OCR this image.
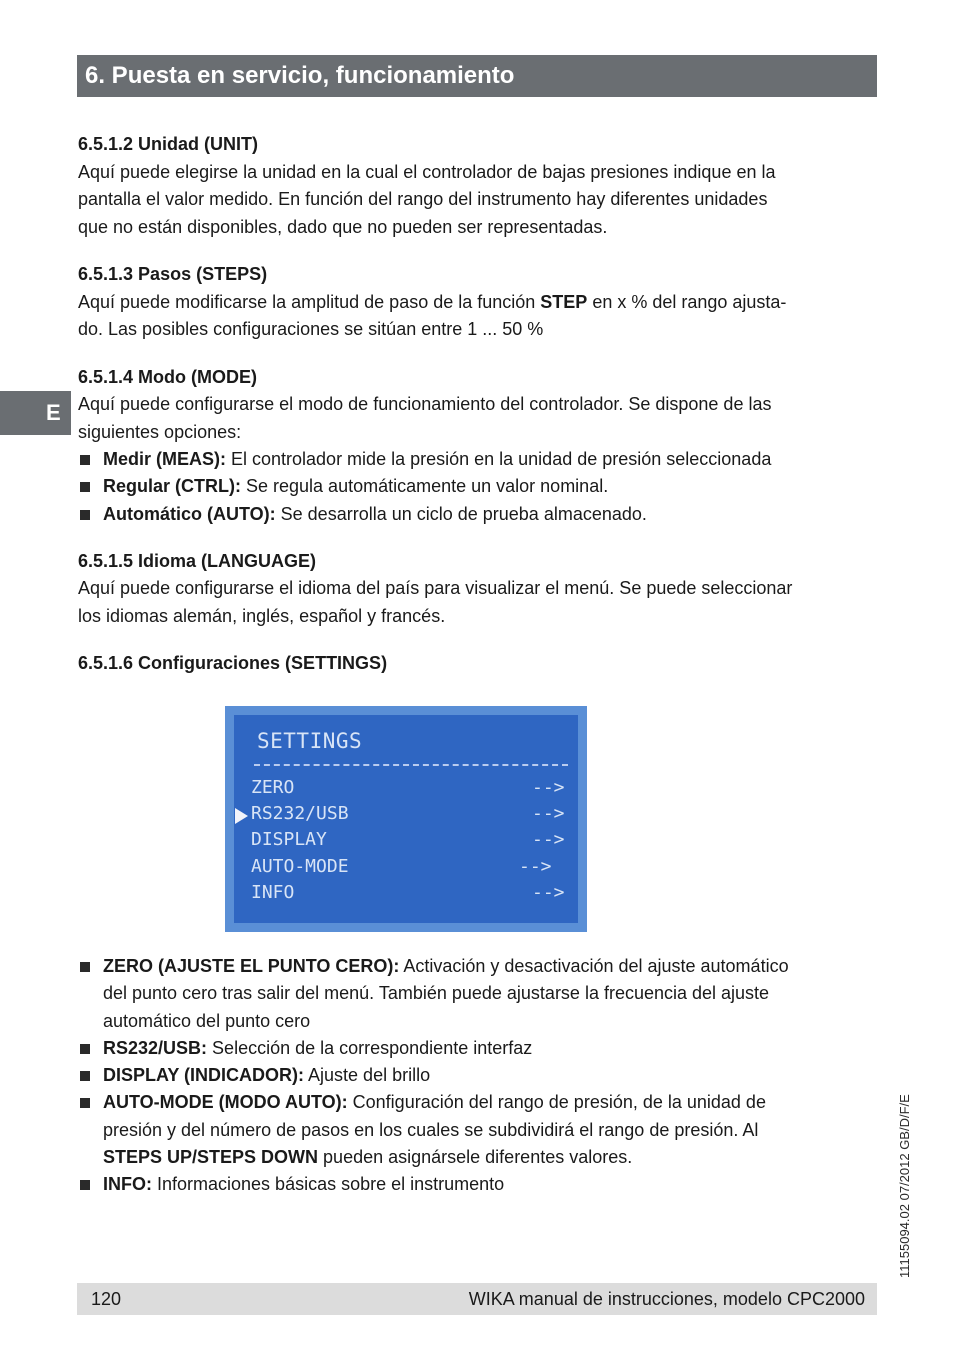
6. Puesta en servicio, funcionamiento
E
6.5.1.2 Unidad (UNIT)
Aquí puede elegirse la unidad en la cual el controlador de bajas presiones indique en la
pantalla el valor medido. En función del rango del instrumento hay diferentes unidades
que no están disponibles, dado que no pueden ser representadas.
6.5.1.3 Pasos (STEPS)
Aquí puede modificarse la amplitud de paso de la función STEP en x % del rango ajusta-
do. Las posibles configuraciones se sitúan entre 1 ... 50 %
6.5.1.4 Modo (MODE)
Aquí puede configurarse el modo de funcionamiento del controlador. Se dispone de las
siguientes opciones:
Medir (MEAS): El controlador mide la presión en la unidad de presión seleccionada
Regular (CTRL): Se regula automáticamente un valor nominal.
Automático (AUTO): Se desarrolla un ciclo de prueba almacenado.
6.5.1.5 Idioma (LANGUAGE)
Aquí puede configurarse el idioma del país para visualizar el menú. Se puede seleccionar
los idiomas alemán, inglés, español y francés.
6.5.1.6 Configuraciones (SETTINGS)
SETTINGS
ZERO	-->
RS232/USB	-->
DISPLAY	-->
AUTO-MODE	-->
INFO	-->
ZERO (AJUSTE EL PUNTO CERO): Activación y desactivación del ajuste automático
del punto cero tras salir del menú. También puede ajustarse la frecuencia del ajuste
automático del punto cero
RS232/USB: Selección de la correspondiente interfaz
DISPLAY (INDICADOR): Ajuste del brillo
AUTO-MODE (MODO AUTO): Configuración del rango de presión, de la unidad de
presión y del número de pasos en los cuales se subdividirá el rango de presión. Al
STEPS UP/STEPS DOWN pueden asignársele diferentes valores.
INFO: Informaciones básicas sobre el instrumento	11155094.02 07/2012 GB/D/F/E
120	WIKA manual de instrucciones, modelo CPC2000
